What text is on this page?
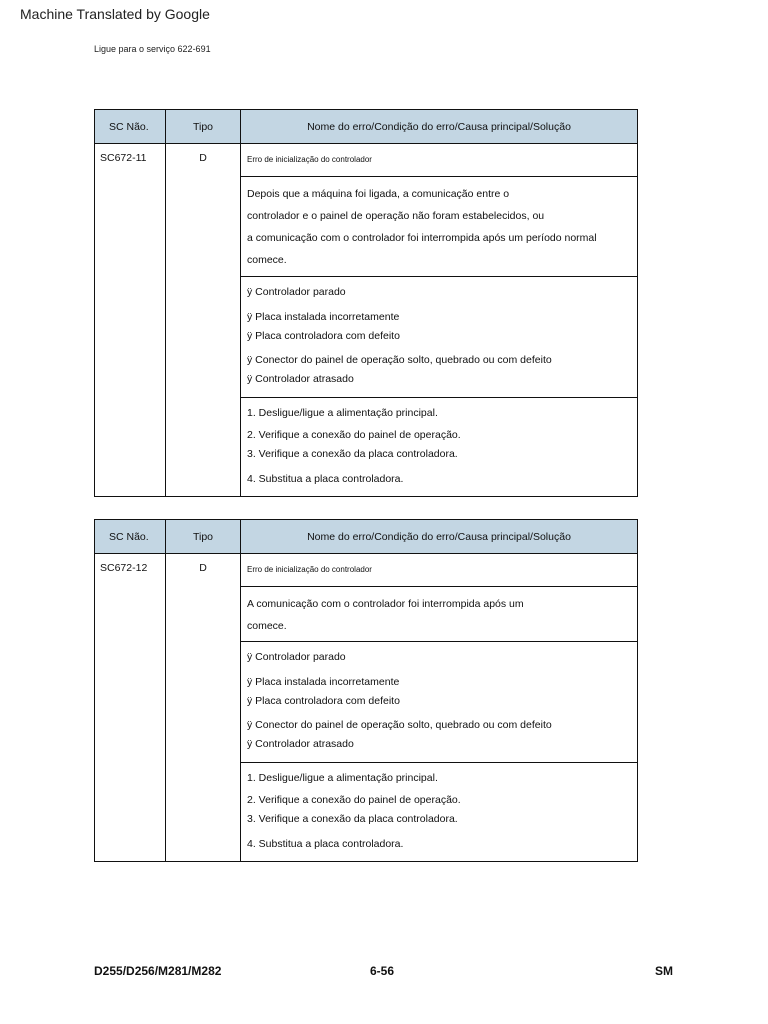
Machine Translated by Google
Ligue para o serviço 622-691
SC Não.	Tipo	Nome do erro/Condição do erro/Causa principal/Solução
SC672-11	D	Erro de inicialização do controlador

		Depois que a máquina foi ligada, a comunicação entre o
controlador e o painel de operação não foram estabelecidos, ou
a comunicação com o controlador foi interrompida após um período normal
comece.

		ÿ Controlador parado
ÿ Placa instalada incorretamente
ÿ Placa controladora com defeito
ÿ Conector do painel de operação solto, quebrado ou com defeito
ÿ Controlador atrasado

		1. Desligue/ligue a alimentação principal.
2. Verifique a conexão do painel de operação.
3. Verifique a conexão da placa controladora.
4. Substitua a placa controladora.
SC Não.	Tipo	Nome do erro/Condição do erro/Causa principal/Solução
SC672-12	D	Erro de inicialização do controlador

		A comunicação com o controlador foi interrompida após um
comece.

		ÿ Controlador parado
ÿ Placa instalada incorretamente
ÿ Placa controladora com defeito
ÿ Conector do painel de operação solto, quebrado ou com defeito
ÿ Controlador atrasado

		1. Desligue/ligue a alimentação principal.
2. Verifique a conexão do painel de operação.
3. Verifique a conexão da placa controladora.
4. Substitua a placa controladora.
D255/D256/M281/M282	6-56	SM
